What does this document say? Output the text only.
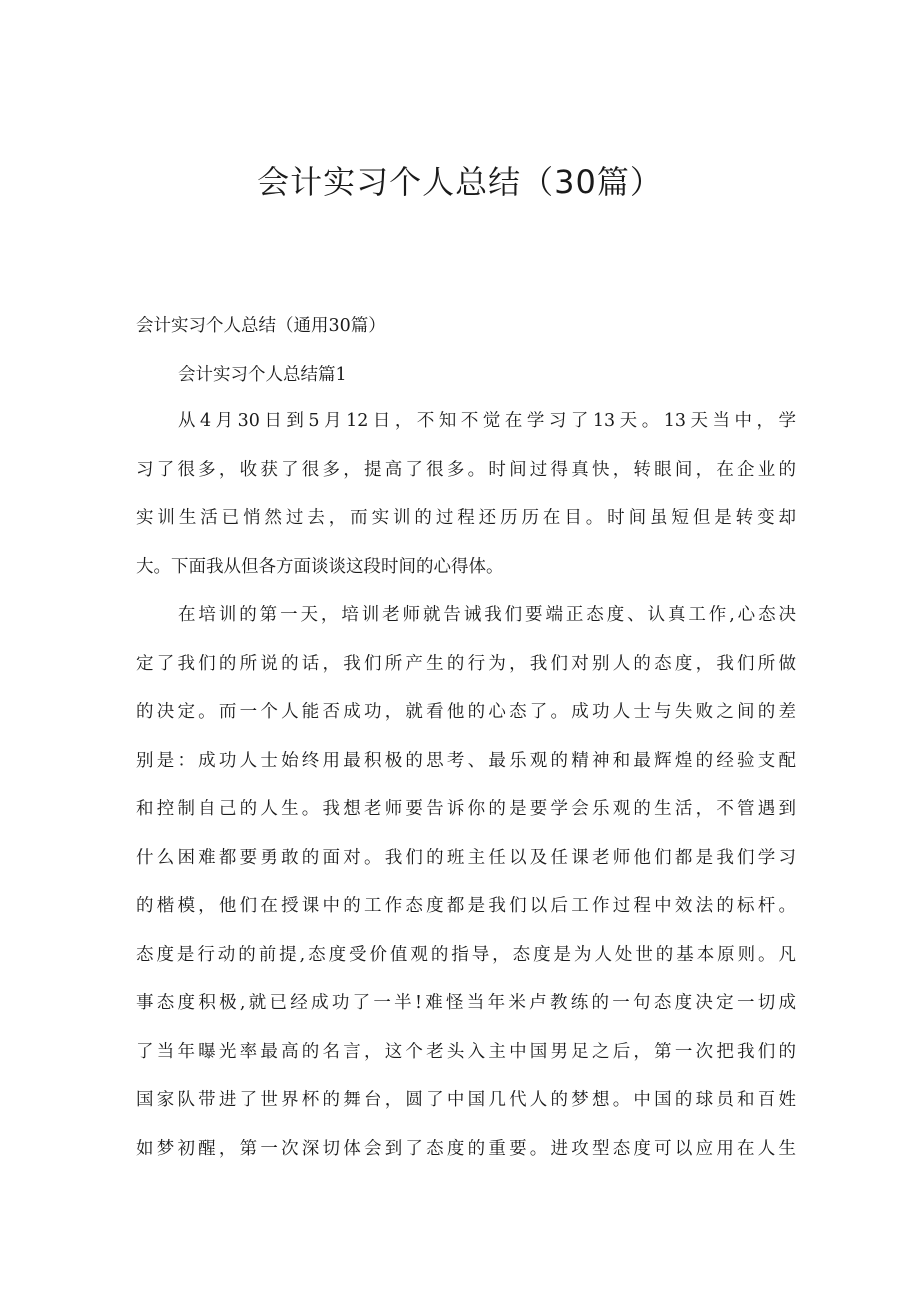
会计实习个人总结（30篇）

会计实习个人总结（通用30篇）

会计实习个人总结篇1

从4月30日到5月12日，不知不觉在学习了13天。13天当中，学
习了很多，收获了很多，提高了很多。时间过得真快，转眼间，在企业的
实训生活已悄然过去，而实训的过程还历历在目。时间虽短但是转变却
大。下面我从但各方面谈谈这段时间的心得体。
在培训的第一天，培训老师就告诫我们要端正态度、认真工作,心态决
定了我们的所说的话，我们所产生的行为，我们对别人的态度，我们所做
的决定。而一个人能否成功，就看他的心态了。成功人士与失败之间的差
别是：成功人士始终用最积极的思考、最乐观的精神和最辉煌的经验支配
和控制自己的人生。我想老师要告诉你的是要学会乐观的生活，不管遇到
什么困难都要勇敢的面对。我们的班主任以及任课老师他们都是我们学习
的楷模，他们在授课中的工作态度都是我们以后工作过程中效法的标杆。
态度是行动的前提,态度受价值观的指导，态度是为人处世的基本原则。凡
事态度积极,就已经成功了一半!难怪当年米卢教练的一句态度决定一切成
了当年曝光率最高的名言，这个老头入主中国男足之后，第一次把我们的
国家队带进了世界杯的舞台，圆了中国几代人的梦想。中国的球员和百姓
如梦初醒，第一次深切体会到了态度的重要。进攻型态度可以应用在人生
